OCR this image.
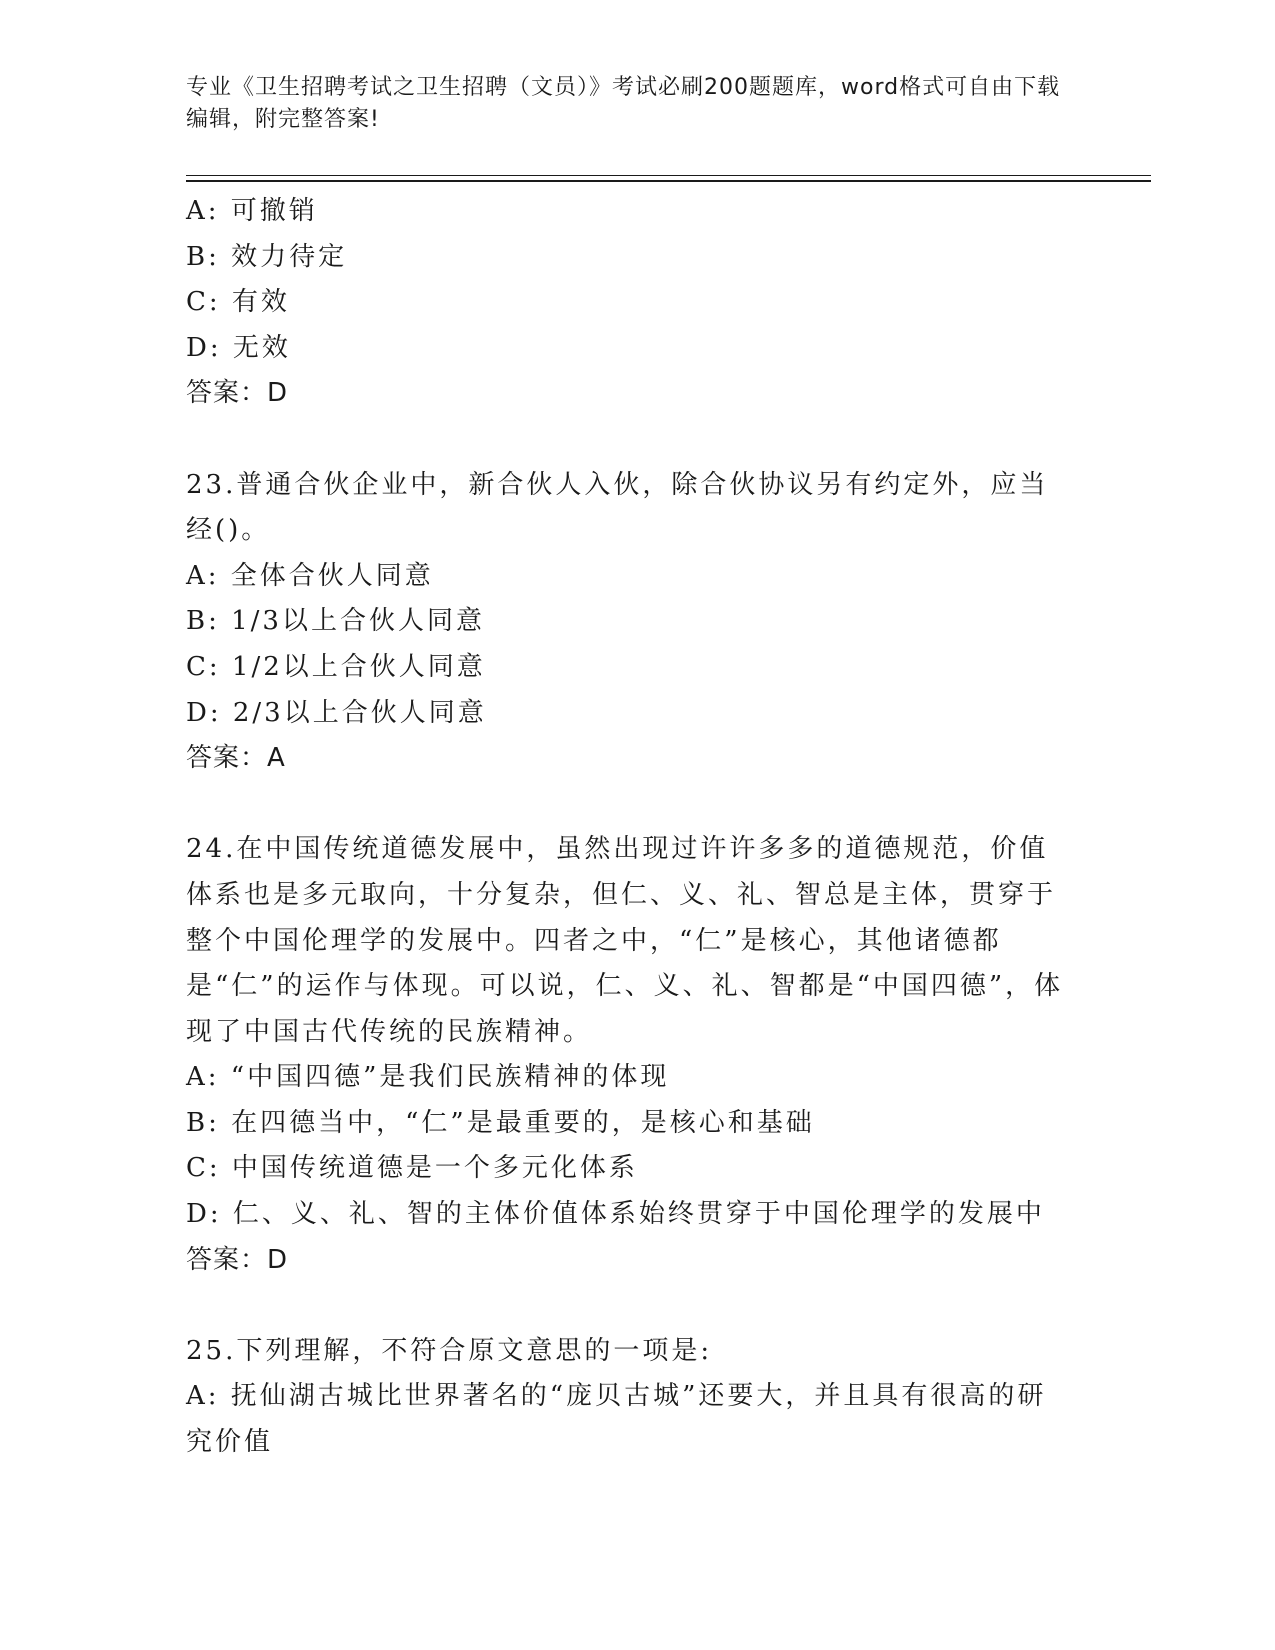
专业《卫生招聘考试之卫生招聘（文员）》考试必刷200题题库，word格式可自由下载编辑，附完整答案!
A: 可撤销
B: 效力待定
C: 有效
D: 无效
答案：D
23.普通合伙企业中，新合伙人入伙，除合伙协议另有约定外，应当经()。
A: 全体合伙人同意
B: 1/3以上合伙人同意
C: 1/2以上合伙人同意
D: 2/3以上合伙人同意
答案：A
24.在中国传统道德发展中，虽然出现过许许多多的道德规范，价值体系也是多元取向，十分复杂，但仁、义、礼、智总是主体，贯穿于整个中国伦理学的发展中。四者之中，“仁”是核心，其他诸德都是“仁”的运作与体现。可以说，仁、义、礼、智都是“中国四德”，体现了中国古代传统的民族精神。
A: “中国四德”是我们民族精神的体现
B: 在四德当中，“仁”是最重要的，是核心和基础
C: 中国传统道德是一个多元化体系
D: 仁、义、礼、智的主体价值体系始终贯穿于中国伦理学的发展中
答案：D
25.下列理解，不符合原文意思的一项是:
A: 抚仙湖古城比世界著名的“庞贝古城”还要大，并且具有很高的研究价值
